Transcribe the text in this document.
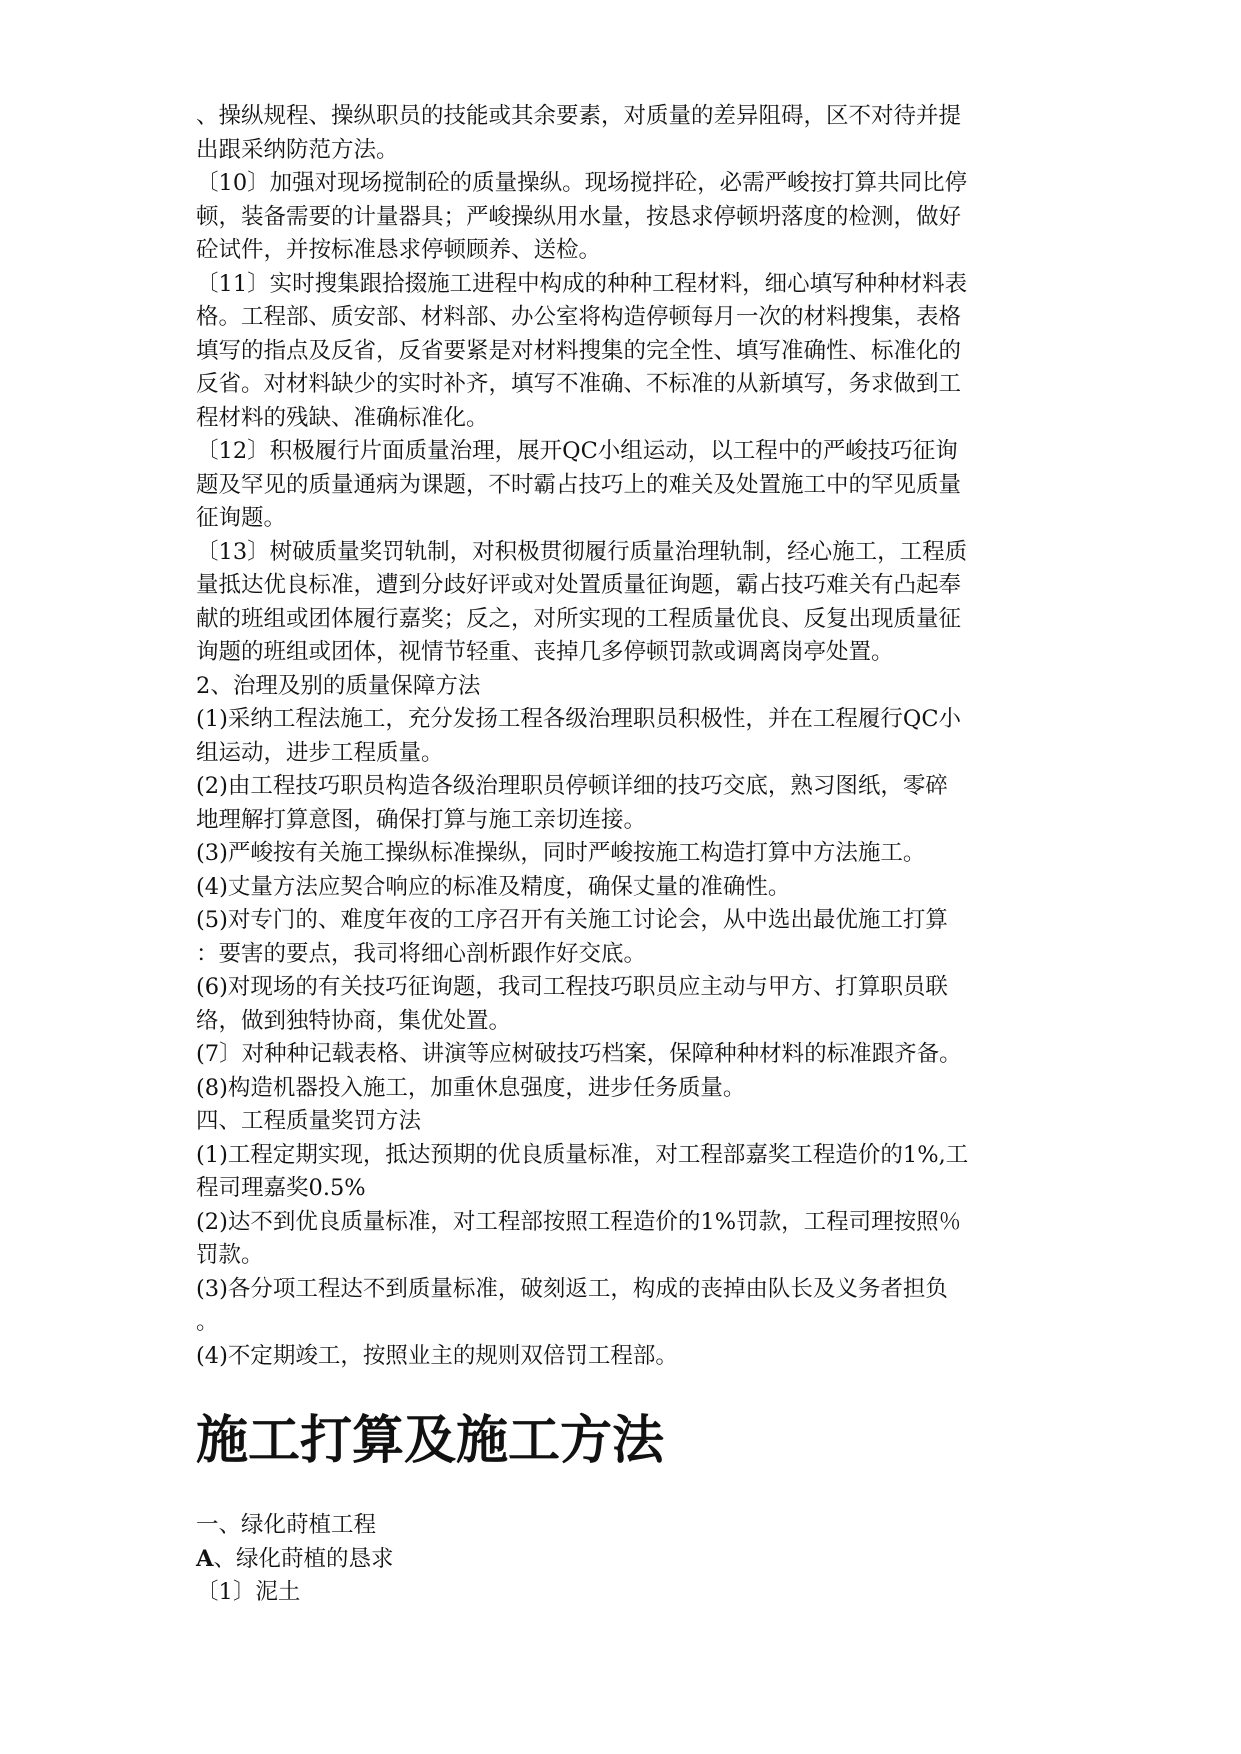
、操纵规程、操纵职员的技能或其余要素，对质量的差异阻碍，区不对待并提
出跟采纳防范方法。

〔10〕加强对现场搅制砼的质量操纵。现场搅拌砼，必需严峻按打算共同比停
顿，装备需要的计量器具；严峻操纵用水量，按恳求停顿坍落度的检测，做好
砼试件，并按标准恳求停顿顾养、送检。

〔11〕实时搜集跟拾掇施工进程中构成的种种工程材料，细心填写种种材料表
格。工程部、质安部、材料部、办公室将构造停顿每月一次的材料搜集，表格
填写的指点及反省，反省要紧是对材料搜集的完全性、填写准确性、标准化的
反省。对材料缺少的实时补齐，填写不准确、不标准的从新填写，务求做到工
程材料的残缺、准确标准化。

〔12〕积极履行片面质量治理，展开QC小组运动，以工程中的严峻技巧征询
题及罕见的质量通病为课题，不时霸占技巧上的难关及处置施工中的罕见质量
征询题。

〔13〕树破质量奖罚轨制，对积极贯彻履行质量治理轨制，经心施工，工程质
量抵达优良标准，遭到分歧好评或对处置质量征询题，霸占技巧难关有凸起奉
献的班组或团体履行嘉奖；反之，对所实现的工程质量优良、反复出现质量征
询题的班组或团体，视情节轻重、丧掉几多停顿罚款或调离岗亭处置。

2、治理及别的质量保障方法

(1)采纳工程法施工，充分发扬工程各级治理职员积极性，并在工程履行QC小
组运动，进步工程质量。

(2)由工程技巧职员构造各级治理职员停顿详细的技巧交底，熟习图纸，零碎
地理解打算意图，确保打算与施工亲切连接。

(3)严峻按有关施工操纵标准操纵，同时严峻按施工构造打算中方法施工。

(4)丈量方法应契合响应的标准及精度，确保丈量的准确性。

(5)对专门的、难度年夜的工序召开有关施工讨论会，从中选出最优施工打算
：要害的要点，我司将细心剖析跟作好交底。

(6)对现场的有关技巧征询题，我司工程技巧职员应主动与甲方、打算职员联
络，做到独特协商，集优处置。

(7〕对种种记载表格、讲演等应树破技巧档案，保障种种材料的标准跟齐备。

(8)构造机器投入施工，加重休息强度，进步任务质量。

四、工程质量奖罚方法

(1)工程定期实现，抵达预期的优良质量标准，对工程部嘉奖工程造价的1%,工
程司理嘉奖0.5%

(2)达不到优良质量标准，对工程部按照工程造价的1%罚款，工程司理按照％
罚款。

(3)各分项工程达不到质量标准，破刻返工，构成的丧掉由队长及义务者担负
。

(4)不定期竣工，按照业主的规则双倍罚工程部。

施工打算及施工方法

一、绿化莳植工程

A、绿化莳植的恳求

〔1〕泥土
